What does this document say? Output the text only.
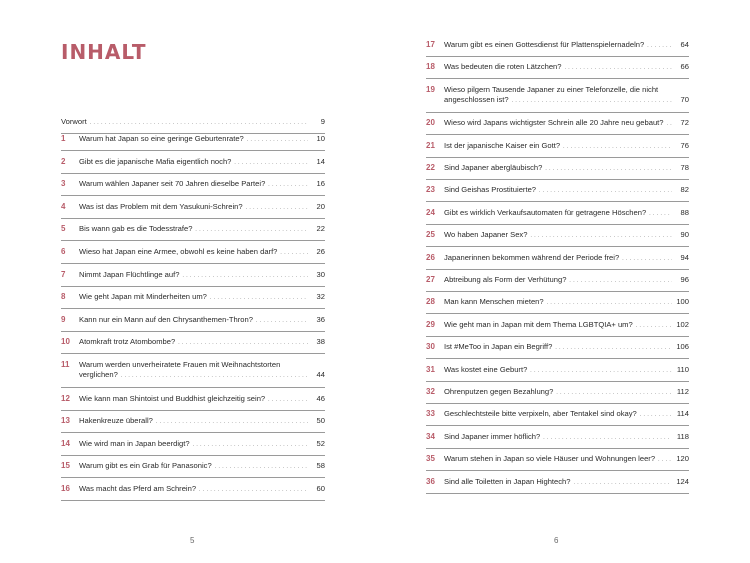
INHALT
Vorwort . . .	9
1 Warum hat Japan so eine geringe Geburtenrate? . . .	10
2 Gibt es die japanische Mafia eigentlich noch? . . .	14
3 Warum wählen Japaner seit 70 Jahren dieselbe Partei? . . .	16
4 Was ist das Problem mit dem Yasukuni-Schrein? . . .	20
5 Bis wann gab es die Todesstrafe? . . .	22
6 Wieso hat Japan eine Armee, obwohl es keine haben darf? . . .	26
7 Nimmt Japan Flüchtlinge auf? . . .	30
8 Wie geht Japan mit Minderheiten um? . . .	32
9 Kann nur ein Mann auf den Chrysanthemen-Thron? . . .	36
10 Atomkraft trotz Atombombe? . . .	38
11 Warum werden unverheiratete Frauen mit Weihnachtstorten
verglichen? . . .	44
12 Wie kann man Shintoist und Buddhist gleichzeitig sein? . . .	46
13 Hakenkreuze überall? . . .	50
14 Wie wird man in Japan beerdigt? . . .	52
15 Warum gibt es ein Grab für Panasonic? . . .	58
16 Was macht das Pferd am Schrein? . . .	60
5
17 Warum gibt es einen Gottesdienst für Plattenspielernadeln? . . .	64
18 Was bedeuten die roten Lätzchen? . . .	66
19 Wieso pilgern Tausende Japaner zu einer Telefonzelle, die nicht
angeschlossen ist? . . .	70
20 Wieso wird Japans wichtigster Schrein alle 20 Jahre neu gebaut? . . .	72
21 Ist der japanische Kaiser ein Gott? . . .	76
22 Sind Japaner abergläubisch? . . .	78
23 Sind Geishas Prostituierte? . . .	82
24 Gibt es wirklich Verkaufsautomaten für getragene Höschen? . . .	88
25 Wo haben Japaner Sex? . . .	90
26 Japanerinnen bekommen während der Periode frei? . . .	94
27 Abtreibung als Form der Verhütung? . . .	96
28 Man kann Menschen mieten? . . .	100
29 Wie geht man in Japan mit dem Thema LGBTQIA+ um? . . .	102
30 Ist #MeToo in Japan ein Begriff? . . .	106
31 Was kostet eine Geburt? . . .	110
32 Ohrenputzen gegen Bezahlung? . . .	112
33 Geschlechtsteile bitte verpixeln, aber Tentakel sind okay? . . .	114
34 Sind Japaner immer höflich? . . .	118
35 Warum stehen in Japan so viele Häuser und Wohnungen leer? . . .	120
36 Sind alle Toiletten in Japan Hightech? . . .	124
6
